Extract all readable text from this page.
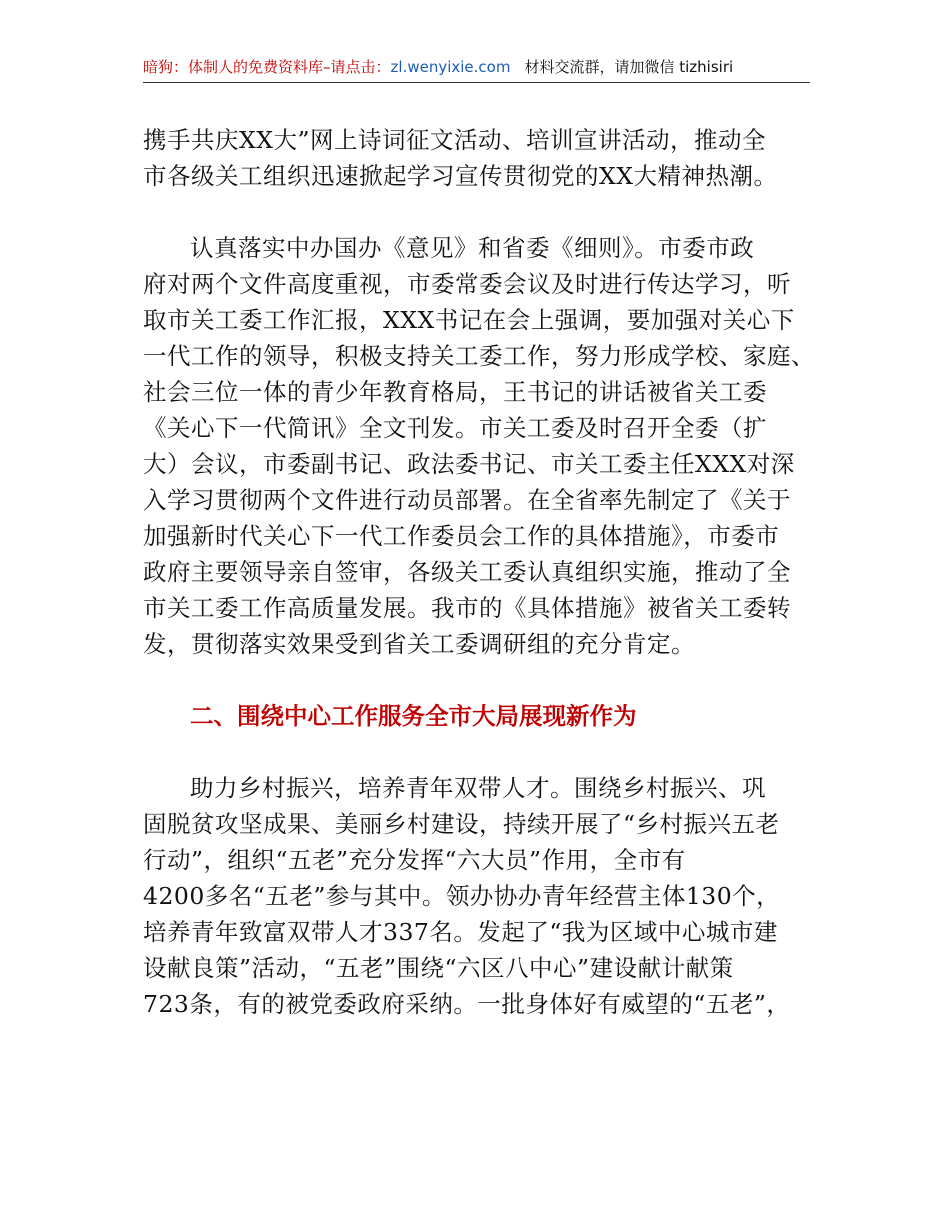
暗狗：体制人的免费资料库–请点击：zl.wenyixie.com 材料交流群，请加微信 tizhisiri
携手共庆XX大”网上诗词征文活动、培训宣讲活动，推动全
市各级关工组织迅速掀起学习宣传贯彻党的XX大精神热潮。
认真落实中办国办《意见》和省委《细则》。市委市政
府对两个文件高度重视，市委常委会议及时进行传达学习，听
取市关工委工作汇报，XXX书记在会上强调，要加强对关心下
一代工作的领导，积极支持关工委工作，努力形成学校、家庭、
社会三位一体的青少年教育格局，王书记的讲话被省关工委
《关心下一代简讯》全文刊发。市关工委及时召开全委（扩
大）会议，市委副书记、政法委书记、市关工委主任XXX对深
入学习贯彻两个文件进行动员部署。在全省率先制定了《关于
加强新时代关心下一代工作委员会工作的具体措施》，市委市
政府主要领导亲自签审，各级关工委认真组织实施，推动了全
市关工委工作高质量发展。我市的《具体措施》被省关工委转
发，贯彻落实效果受到省关工委调研组的充分肯定。
二、围绕中心工作服务全市大局展现新作为
助力乡村振兴，培养青年双带人才。围绕乡村振兴、巩
固脱贫攻坚成果、美丽乡村建设，持续开展了“乡村振兴五老
行动”，组织“五老”充分发挥“六大员”作用，全市有
4200多名“五老”参与其中。领办协办青年经营主体130个，
培养青年致富双带人才337名。发起了“我为区域中心城市建
设献良策”活动，“五老”围绕“六区八中心”建设献计献策
723条，有的被党委政府采纳。一批身体好有威望的“五老”，
